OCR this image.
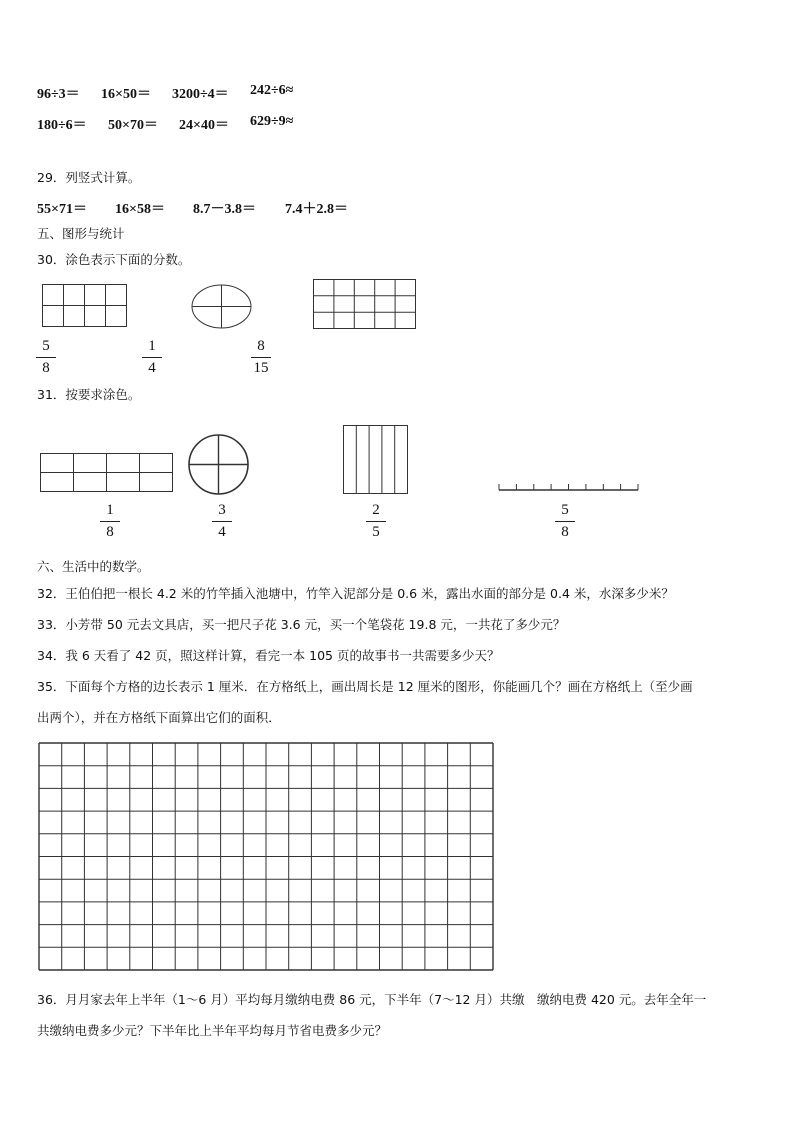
96÷3＝ 16×50＝ 3200÷4＝ 242÷6≈
180÷6＝ 50×70＝ 24×40＝ 629÷9≈
29．列竖式计算。
55×71＝ 16×58＝ 8.7－3.8＝ 7.4＋2.8＝
五、图形与统计
30．涂色表示下面的分数。
5
8
1
4
8
15
31．按要求涂色。
1
8
3
4
2
5
5
8
六、生活中的数学。
32．王伯伯把一根长 4.2 米的竹竿插入池塘中，竹竿入泥部分是 0.6 米，露出水面的部分是 0.4 米，水深多少米？
33．小芳带 50 元去文具店，买一把尺子花 3.6 元，买一个笔袋花 19.8 元，一共花了多少元？
34．我 6 天看了 42 页，照这样计算，看完一本 105 页的故事书一共需要多少天？
35．下面每个方格的边长表示 1 厘米．在方格纸上，画出周长是 12 厘米的图形，你能画几个？画在方格纸上（至少画
出两个），并在方格纸下面算出它们的面积．
36．月月家去年上半年（1～6 月）平均每月缴纳电费 86 元，下半年（7～12 月）共缴　缴纳电费 420 元。去年全年一
共缴纳电费多少元？下半年比上半年平均每月节省电费多少元？
